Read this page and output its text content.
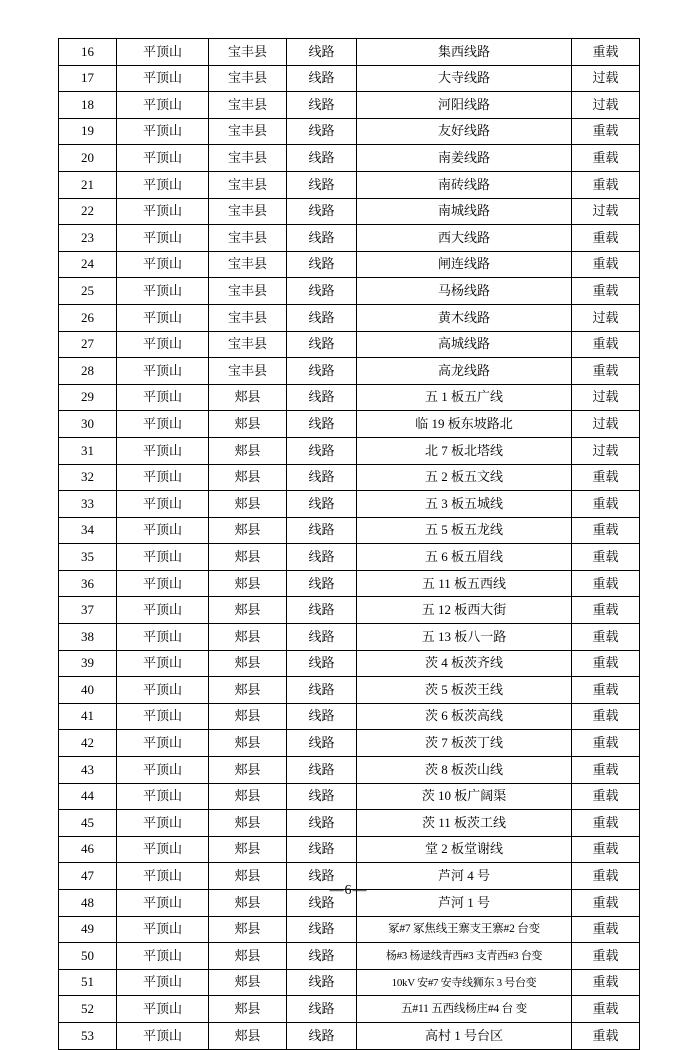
16	平顶山	宝丰县	线路	集西线路	重载
17	平顶山	宝丰县	线路	大寺线路	过载
18	平顶山	宝丰县	线路	河阳线路	过载
19	平顶山	宝丰县	线路	友好线路	重载
20	平顶山	宝丰县	线路	南姜线路	重载
21	平顶山	宝丰县	线路	南砖线路	重载
22	平顶山	宝丰县	线路	南城线路	过载
23	平顶山	宝丰县	线路	西大线路	重载
24	平顶山	宝丰县	线路	闸连线路	重载
25	平顶山	宝丰县	线路	马杨线路	重载
26	平顶山	宝丰县	线路	黄木线路	过载
27	平顶山	宝丰县	线路	高城线路	重载
28	平顶山	宝丰县	线路	高龙线路	重载
29	平顶山	郏县	线路	五 1 板五广线	过载
30	平顶山	郏县	线路	临 19 板东坡路北	过载
31	平顶山	郏县	线路	北 7 板北塔线	过载
32	平顶山	郏县	线路	五 2 板五文线	重载
33	平顶山	郏县	线路	五 3 板五城线	重载
34	平顶山	郏县	线路	五 5 板五龙线	重载
35	平顶山	郏县	线路	五 6 板五眉线	重载
36	平顶山	郏县	线路	五 11 板五西线	重载
37	平顶山	郏县	线路	五 12 板西大街	重载
38	平顶山	郏县	线路	五 13 板八一路	重载
39	平顶山	郏县	线路	茨 4 板茨齐线	重载
40	平顶山	郏县	线路	茨 5 板茨王线	重载
41	平顶山	郏县	线路	茨 6 板茨高线	重载
42	平顶山	郏县	线路	茨 7 板茨丁线	重载
43	平顶山	郏县	线路	茨 8 板茨山线	重载
44	平顶山	郏县	线路	茨 10 板广阔渠	重载
45	平顶山	郏县	线路	茨 11 板茨工线	重载
46	平顶山	郏县	线路	堂 2 板堂谢线	重载
47	平顶山	郏县	线路	芦河 4 号	重载
48	平顶山	郏县	线路	芦河 1 号	重载
49	平顶山	郏县	线路	冢#7 冢焦线王寨支王寨#2 台变	重载
50	平顶山	郏县	线路	杨#3 杨逯线青西#3 支青西#3 台变	重载
51	平顶山	郏县	线路	10kV 安#7 安寺线狮东 3 号台变	重载
52	平顶山	郏县	线路	五#11 五西线杨庄#4 台 变	重载
53	平顶山	郏县	线路	高村 1 号台区	重载
—6—
